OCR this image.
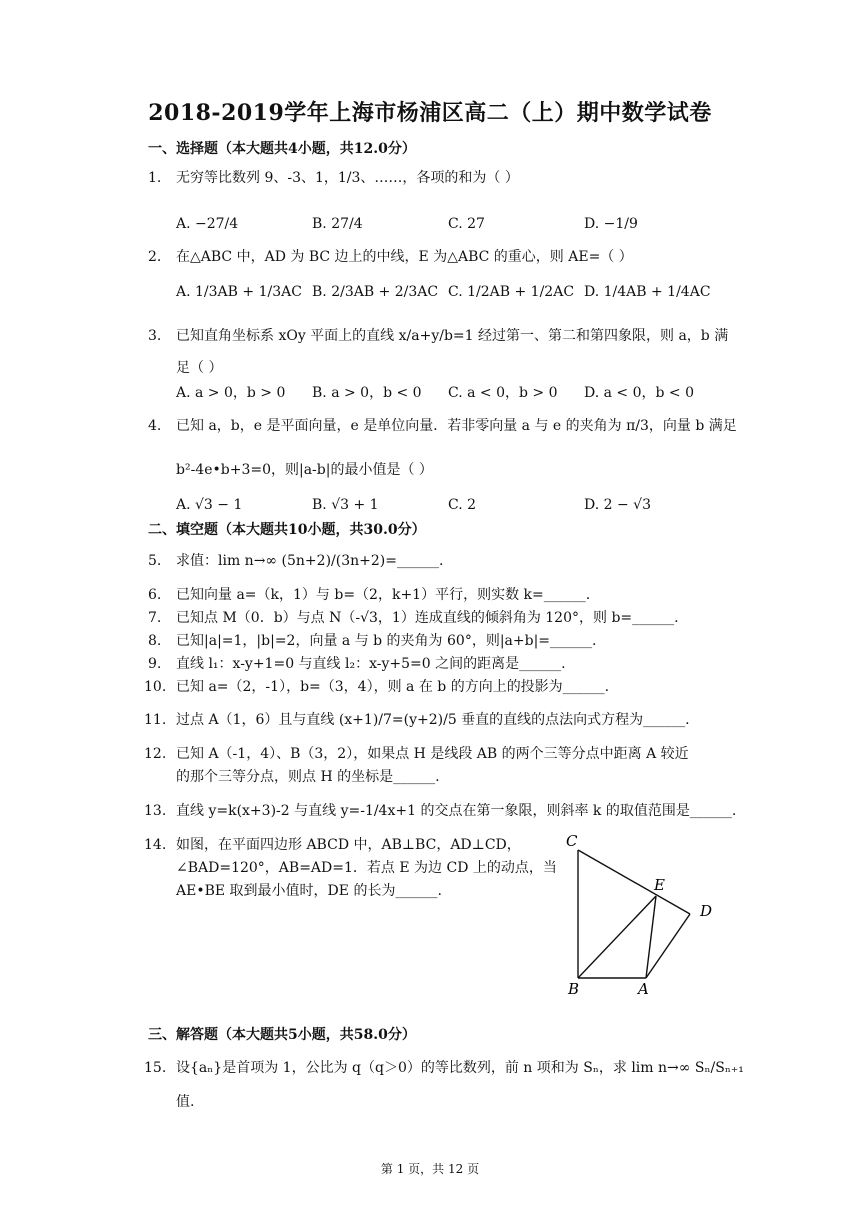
2018-2019学年上海市杨浦区高二（上）期中数学试卷
一、选择题（本大题共4小题，共12.0分）
1. 无穷等比数列 9、-3、1，1/3、……，各项的和为（ ）
A. −27/4	B. 27/4	C. 27	D. −1/9
2. 在△ABC 中，AD 为 BC 边上的中线，E 为△ABC 的重心，则 AE=（ ）
A. 1/3AB + 1/3AC B. 2/3AB + 2/3AC C. 1/2AB + 1/2AC D. 1/4AB + 1/4AC
3. 已知直角坐标系 xOy 平面上的直线 x/a+y/b=1 经过第一、第二和第四象限，则 a，b 满
足（ ）
A. a > 0，b > 0 B. a > 0，b < 0 C. a < 0，b > 0 D. a < 0，b < 0
4. 已知 a，b，e 是平面向量，e 是单位向量．若非零向量 a 与 e 的夹角为 π/3，向量 b 满足
b²-4e•b+3=0，则|a-b|的最小值是（ ）
A. √3 − 1	B. √3 + 1	C. 2	D. 2 − √3
二、填空题（本大题共10小题，共30.0分）
5. 求值：lim n→∞ (5n+2)/(3n+2)=______.
6. 已知向量 a=（k，1）与 b=（2，k+1）平行，则实数 k=______.
7. 已知点 M（0．b）与点 N（-√3，1）连成直线的倾斜角为 120°，则 b=______.
8. 已知|a|=1，|b|=2，向量 a 与 b 的夹角为 60°，则|a+b|=______.
9. 直线 l₁：x-y+1=0 与直线 l₂：x-y+5=0 之间的距离是______.
10. 已知 a=（2，-1），b=（3，4），则 a 在 b 的方向上的投影为______.
11. 过点 A（1，6）且与直线 (x+1)/7=(y+2)/5 垂直的直线的点法向式方程为______.
12. 已知 A（-1，4）、B（3，2），如果点 H 是线段 AB 的两个三等分点中距离 A 较近
的那个三等分点，则点 H 的坐标是______.
13. 直线 y=k(x+3)-2 与直线 y=-1/4x+1 的交点在第一象限，则斜率 k 的取值范围是______.
14. 如图，在平面四边形 ABCD 中，AB⊥BC，AD⊥CD，
∠BAD=120°，AB=AD=1．若点 E 为边 CD 上的动点，当
AE•BE 取到最小值时，DE 的长为______.
C
E
D
B	A
三、解答题（本大题共5小题，共58.0分）
15. 设{aₙ}是首项为 1，公比为 q（q＞0）的等比数列，前 n 项和为 Sₙ，求 lim n→∞ Sₙ/Sₙ₊₁
值.
第 1 页，共 12 页
